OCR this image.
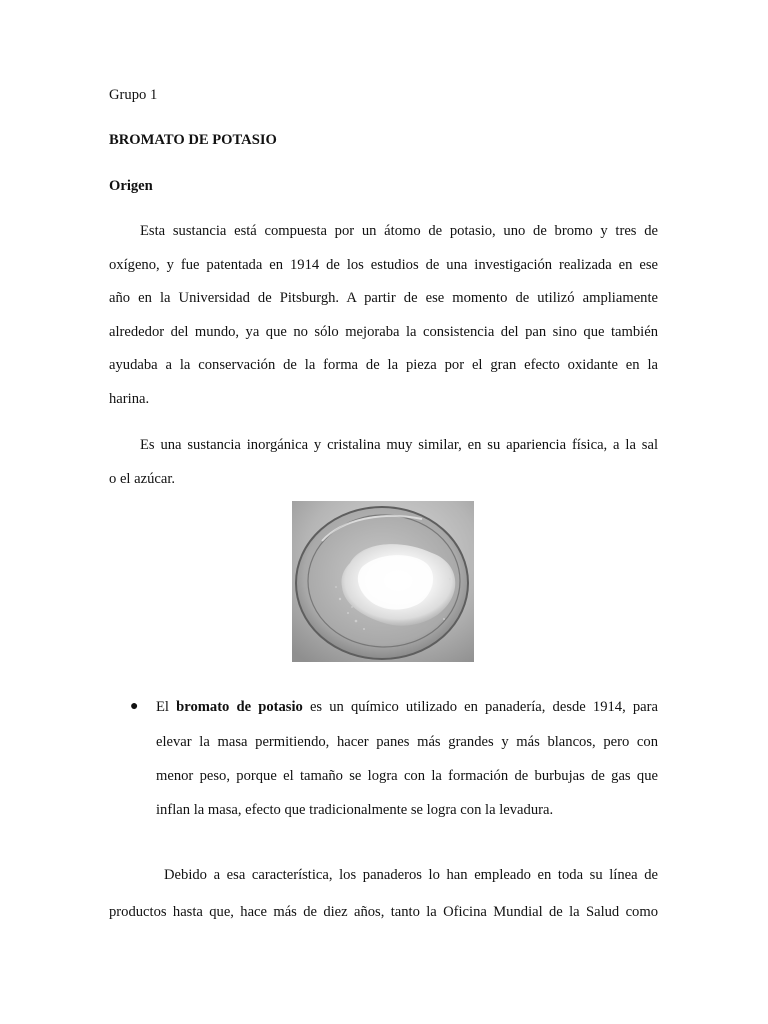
Grupo 1
BROMATO DE POTASIO
Origen
Esta sustancia está compuesta por un átomo de potasio, uno de bromo y tres de
oxígeno, y fue patentada en 1914 de los estudios de una investigación realizada en ese
año en la Universidad de Pitsburgh. A partir de ese momento de utilizó ampliamente
alrededor del mundo, ya que no sólo mejoraba la consistencia del pan sino que también
ayudaba a la conservación de la forma de la pieza por el gran efecto oxidante en la
harina.
Es una sustancia inorgánica y cristalina muy similar, en su apariencia física, a la sal
o el azúcar.
● El bromato de potasio es un químico utilizado en panadería, desde 1914, para
elevar la masa permitiendo, hacer panes más grandes y más blancos, pero con
menor peso, porque el tamaño se logra con la formación de burbujas de gas que
inflan la masa, efecto que tradicionalmente se logra con la levadura.
Debido a esa característica, los panaderos lo han empleado en toda su línea de
productos hasta que, hace más de diez años, tanto la Oficina Mundial de la Salud como
